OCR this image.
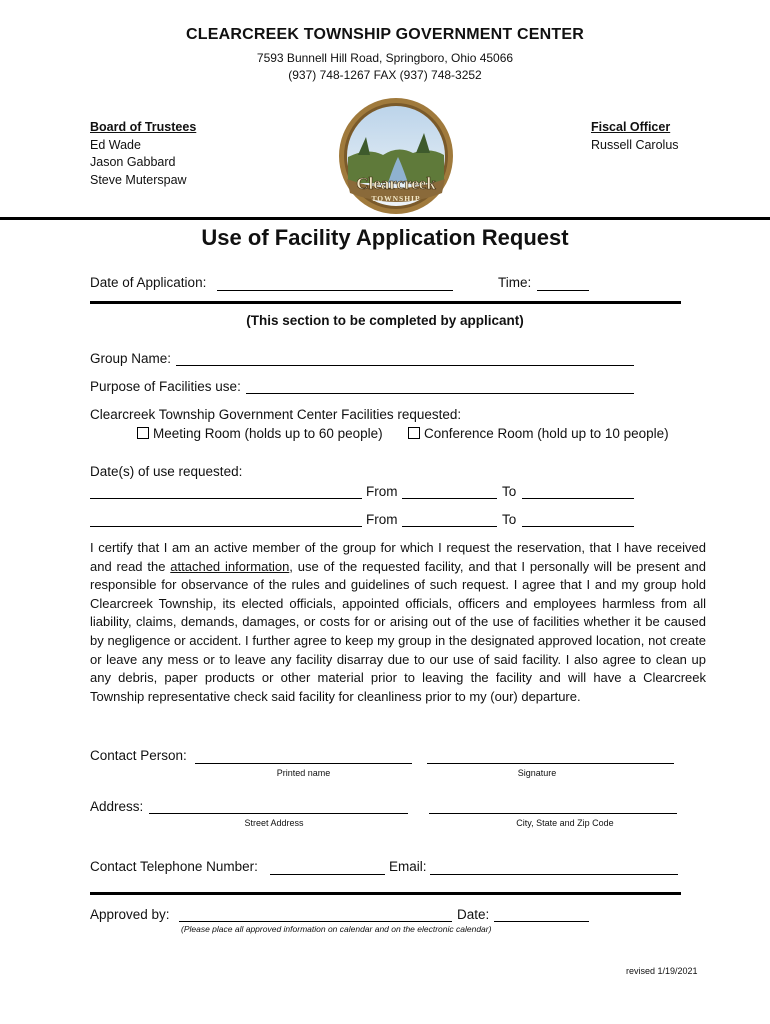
CLEARCREEK TOWNSHIP GOVERNMENT CENTER
7593 Bunnell Hill Road, Springboro, Ohio 45066
(937) 748-1267 FAX (937) 748-3252
Board of Trustees
Ed Wade
Jason Gabbard
Steve Muterspaw
Fiscal Officer
Russell Carolus
Clearcreek
TOWNSHIP
Use of Facility Application Request
Date of Application:	Time:
(This section to be completed by applicant)
Group Name:
Purpose of Facilities use:
Clearcreek Township Government Center Facilities requested:
Meeting Room (holds up to 60 people)	Conference Room (hold up to 10 people)
Date(s) of use requested:
From	To
From	To
I certify that I am an active member of the group for which I request the reservation, that I have received and read the attached information, use of the requested facility, and that I personally will be present and responsible for observance of the rules and guidelines of such request. I agree that I and my group hold Clearcreek Township, its elected officials, appointed officials, officers and employees harmless from all liability, claims, demands, damages, or costs for or arising out of the use of facilities whether it be caused by negligence or accident. I further agree to keep my group in the designated approved location, not create or leave any mess or to leave any facility disarray due to our use of said facility. I also agree to clean up any debris, paper products or other material prior to leaving the facility and will have a Clearcreek Township representative check said facility for cleanliness prior to my (our) departure.
Contact Person:
Printed name	Signature
Address:
Street Address	City, State and Zip Code
Contact Telephone Number:	Email:
Approved by:	Date:
(Please place all approved information on calendar and on the electronic calendar)
revised 1/19/2021
